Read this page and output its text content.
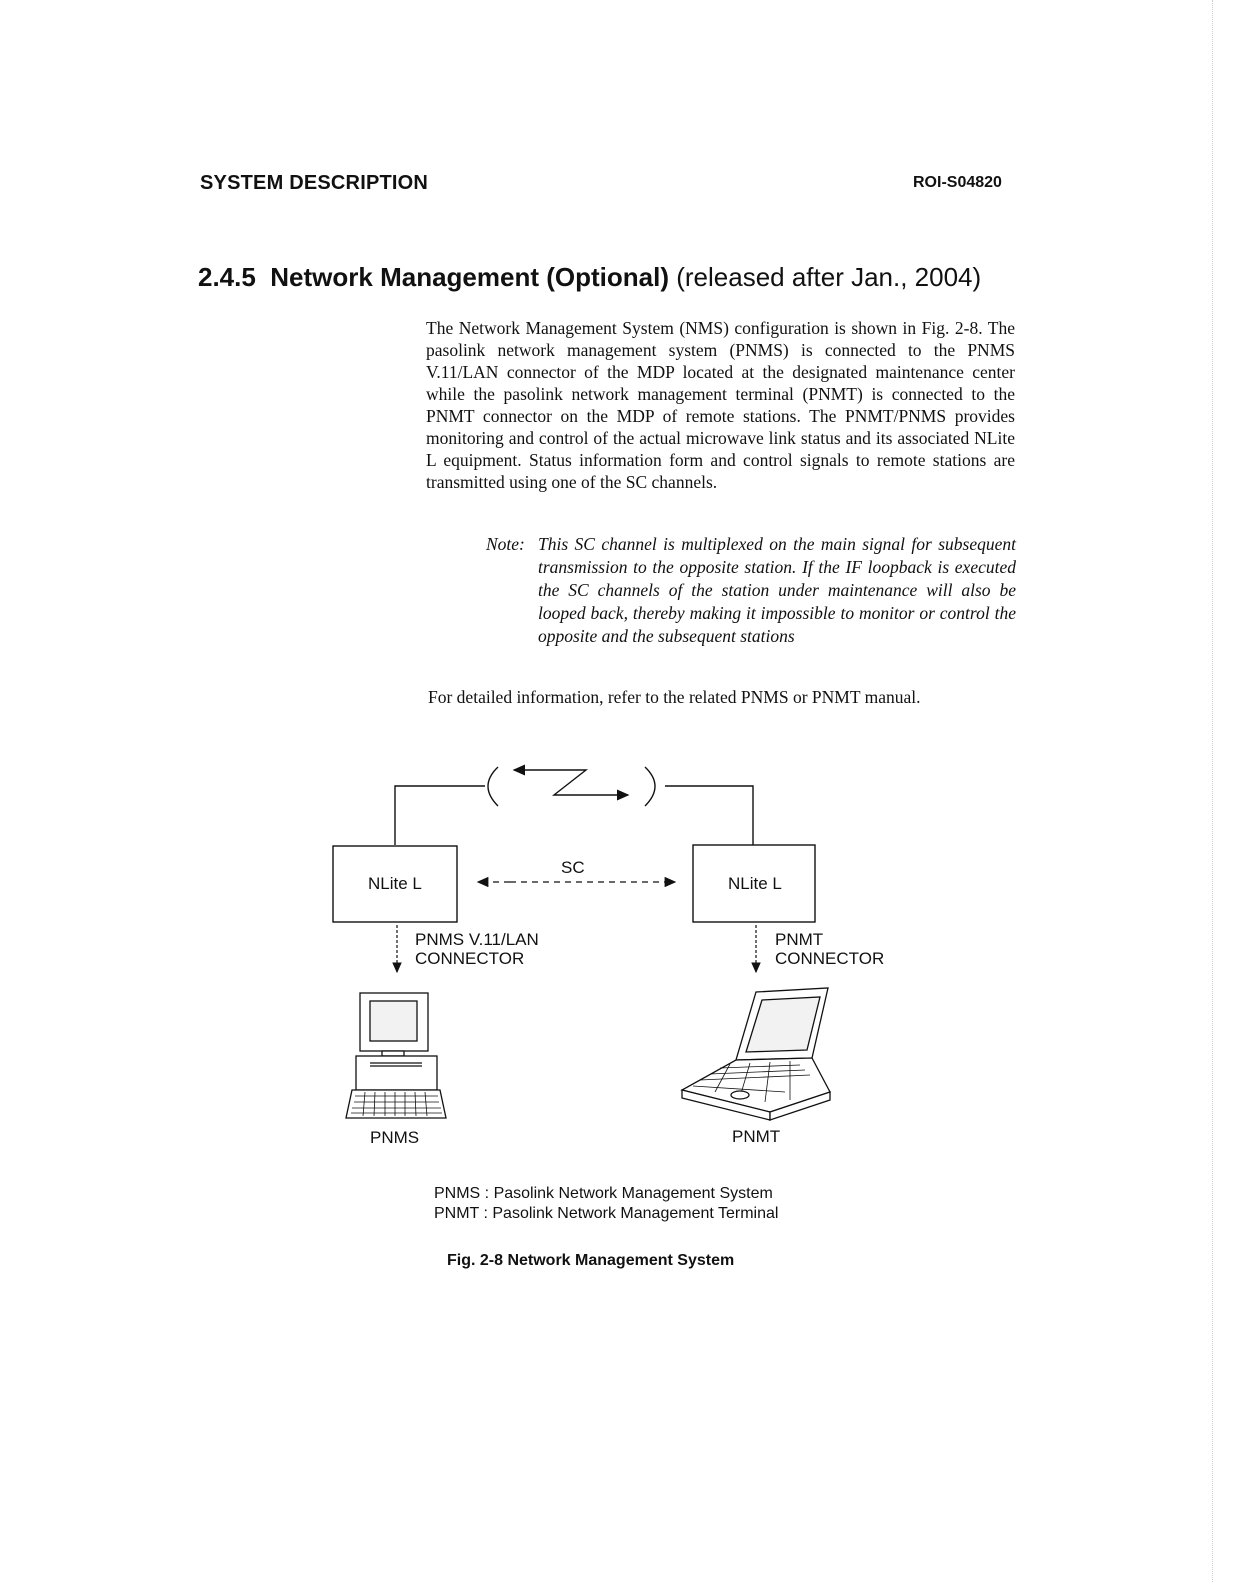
SYSTEM DESCRIPTION	ROI-S04820
2.4.5 Network Management (Optional) (released after Jan., 2004)

The Network Management System (NMS) configuration is shown in Fig. 2-8. The pasolink network management system (PNMS) is connected to the PNMS V.11/LAN connector of the MDP located at the designated maintenance center while the pasolink network management terminal (PNMT) is connected to the PNMT connector on the MDP of remote stations. The PNMT/PNMS provides monitoring and control of the actual microwave link status and its associated NLite L equipment. Status information form and control signals to remote stations are transmitted using one of the SC channels.

Note: This SC channel is multiplexed on the main signal for subsequent transmission to the opposite station. If the IF loopback is executed the SC channels of the station under maintenance will also be looped back, thereby making it impossible to monitor or control the opposite and the subsequent stations
For detailed information, refer to the related PNMS or PNMT manual.
NLite L	NLite L
SC
PNMS V.11/LAN
CONNECTOR
PNMT
CONNECTOR
PNMS	PNMT
PNMS : Pasolink Network Management System
PNMT : Pasolink Network Management Terminal
Fig. 2-8 Network Management System
